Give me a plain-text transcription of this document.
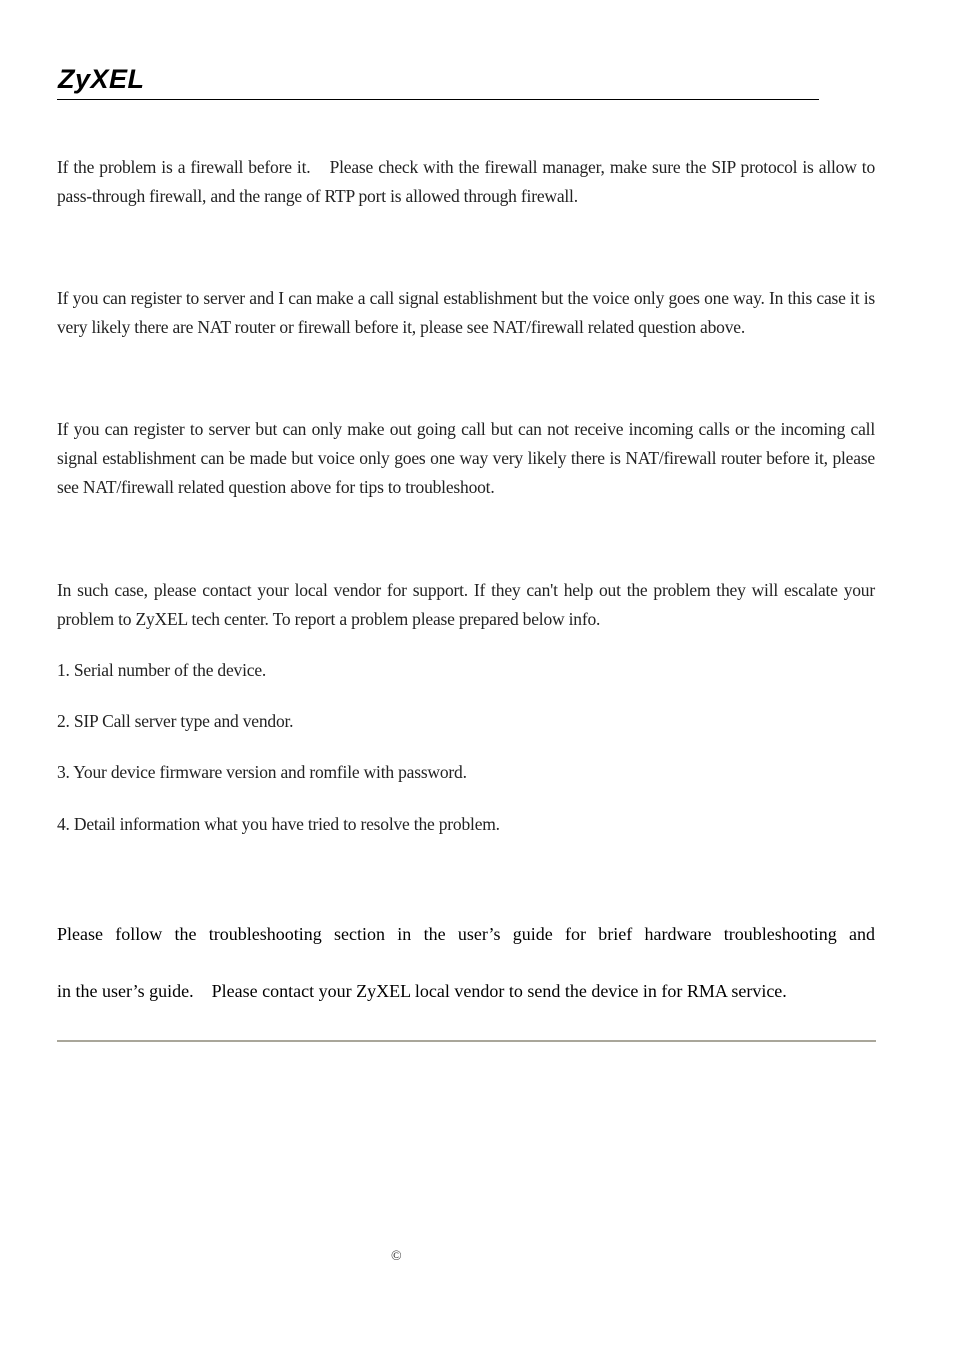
ZyXEL

If the problem is a firewall before it.　Please check with the firewall manager, make sure the SIP protocol is allow to pass-through firewall, and the range of RTP port is allowed through firewall.

If you can register to server and I can make a call signal establishment but the voice only goes one way. In this case it is very likely there are NAT router or firewall before it, please see NAT/firewall related question above.

If you can register to server but can only make out going call but can not receive incoming calls or the incoming call signal establishment can be made but voice only goes one way very likely there is NAT/firewall router before it, please see NAT/firewall related question above for tips to troubleshoot.

In such case, please contact your local vendor for support. If they can't help out the problem they will escalate your problem to ZyXEL tech center. To report a problem please prepared below info.

1. Serial number of the device.

2. SIP Call server type and vendor.

3. Your device firmware version and romfile with password.

4. Detail information what you have tried to resolve the problem.

Please follow the troubleshooting section in the user’s guide for brief hardware troubleshooting and

in the user’s guide.　Please contact your ZyXEL local vendor to send the device in for RMA service.

©
